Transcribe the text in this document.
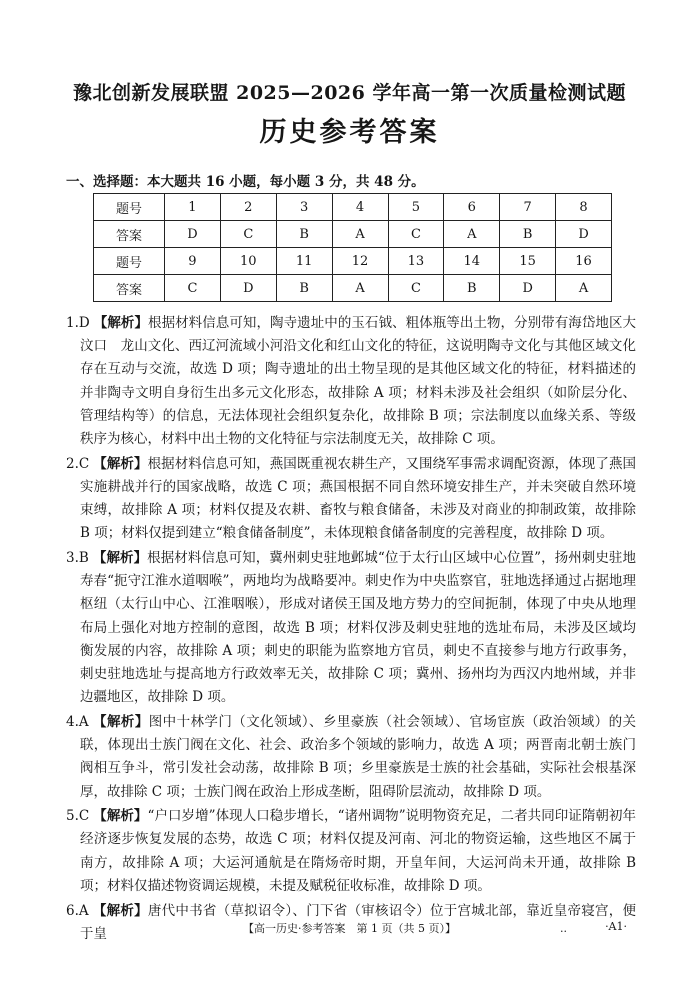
豫北创新发展联盟 2025—2026 学年高一第一次质量检测试题
历史参考答案
一、选择题：本大题共 16 小题，每小题 3 分，共 48 分。
题号	1	2	3	4	5	6	7	8
答案	D	C	B	A	C	A	B	D
题号	9	10	11	12	13	14	15	16
答案	C	D	B	A	C	B	D	A

1.D 【解析】根据材料信息可知，陶寺遗址中的玉石钺、粗体瓶等出土物，分别带有海岱地区大汶口　龙山文化、西辽河流域小河沿文化和红山文化的特征，这说明陶寺文化与其他区域文化存在互动与交流，故选 D 项；陶寺遗址的出土物呈现的是其他区域文化的特征，材料描述的并非陶寺文明自身衍生出多元文化形态，故排除 A 项；材料未涉及社会组织（如阶层分化、管理结构等）的信息，无法体现社会组织复杂化，故排除 B 项；宗法制度以血缘关系、等级秩序为核心，材料中出土物的文化特征与宗法制度无关，故排除 C 项。

2.C 【解析】根据材料信息可知，燕国既重视农耕生产，又围绕军事需求调配资源，体现了燕国实施耕战并行的国家战略，故选 C 项；燕国根据不同自然环境安排生产，并未突破自然环境束缚，故排除 A 项；材料仅提及农耕、畜牧与粮食储备，未涉及对商业的抑制政策，故排除 B 项；材料仅提到建立“粮食储备制度”，未体现粮食储备制度的完善程度，故排除 D 项。

3.B 【解析】根据材料信息可知，冀州刺史驻地邺城“位于太行山区域中心位置”，扬州刺史驻地寿春“扼守江淮水道咽喉”，两地均为战略要冲。刺史作为中央监察官，驻地选择通过占据地理枢纽（太行山中心、江淮咽喉），形成对诸侯王国及地方势力的空间扼制，体现了中央从地理布局上强化对地方控制的意图，故选 B 项；材料仅涉及刺史驻地的选址布局，未涉及区域均衡发展的内容，故排除 A 项；刺史的职能为监察地方官员，刺史不直接参与地方行政事务，刺史驻地选址与提高地方行政效率无关，故排除 C 项；冀州、扬州均为西汉内地州域，并非边疆地区，故排除 D 项。

4.A 【解析】图中十林学门（文化领域）、乡里豪族（社会领域）、官场宦族（政治领域）的关联，体现出士族门阀在文化、社会、政治多个领域的影响力，故选 A 项；两晋南北朝士族门阀相互争斗，常引发社会动荡，故排除 B 项；乡里豪族是士族的社会基础，实际社会根基深厚，故排除 C 项；士族门阀在政治上形成垄断，阻碍阶层流动，故排除 D 项。

5.C 【解析】“户口岁增”体现人口稳步增长，“诸州调物”说明物资充足，二者共同印证隋朝初年经济逐步恢复发展的态势，故选 C 项；材料仅提及河南、河北的物资运输，这些地区不属于南方，故排除 A 项；大运河通航是在隋炀帝时期，开皇年间，大运河尚未开通，故排除 B 项；材料仅描述物资调运规模，未提及赋税征收标准，故排除 D 项。

6.A 【解析】唐代中书省（草拟诏令）、门下省（审核诏令）位于宫城北部，靠近皇帝寝宫，便于皇	【高一历史·参考答案　第 1 页（共 5 页）】	..	·A1·
